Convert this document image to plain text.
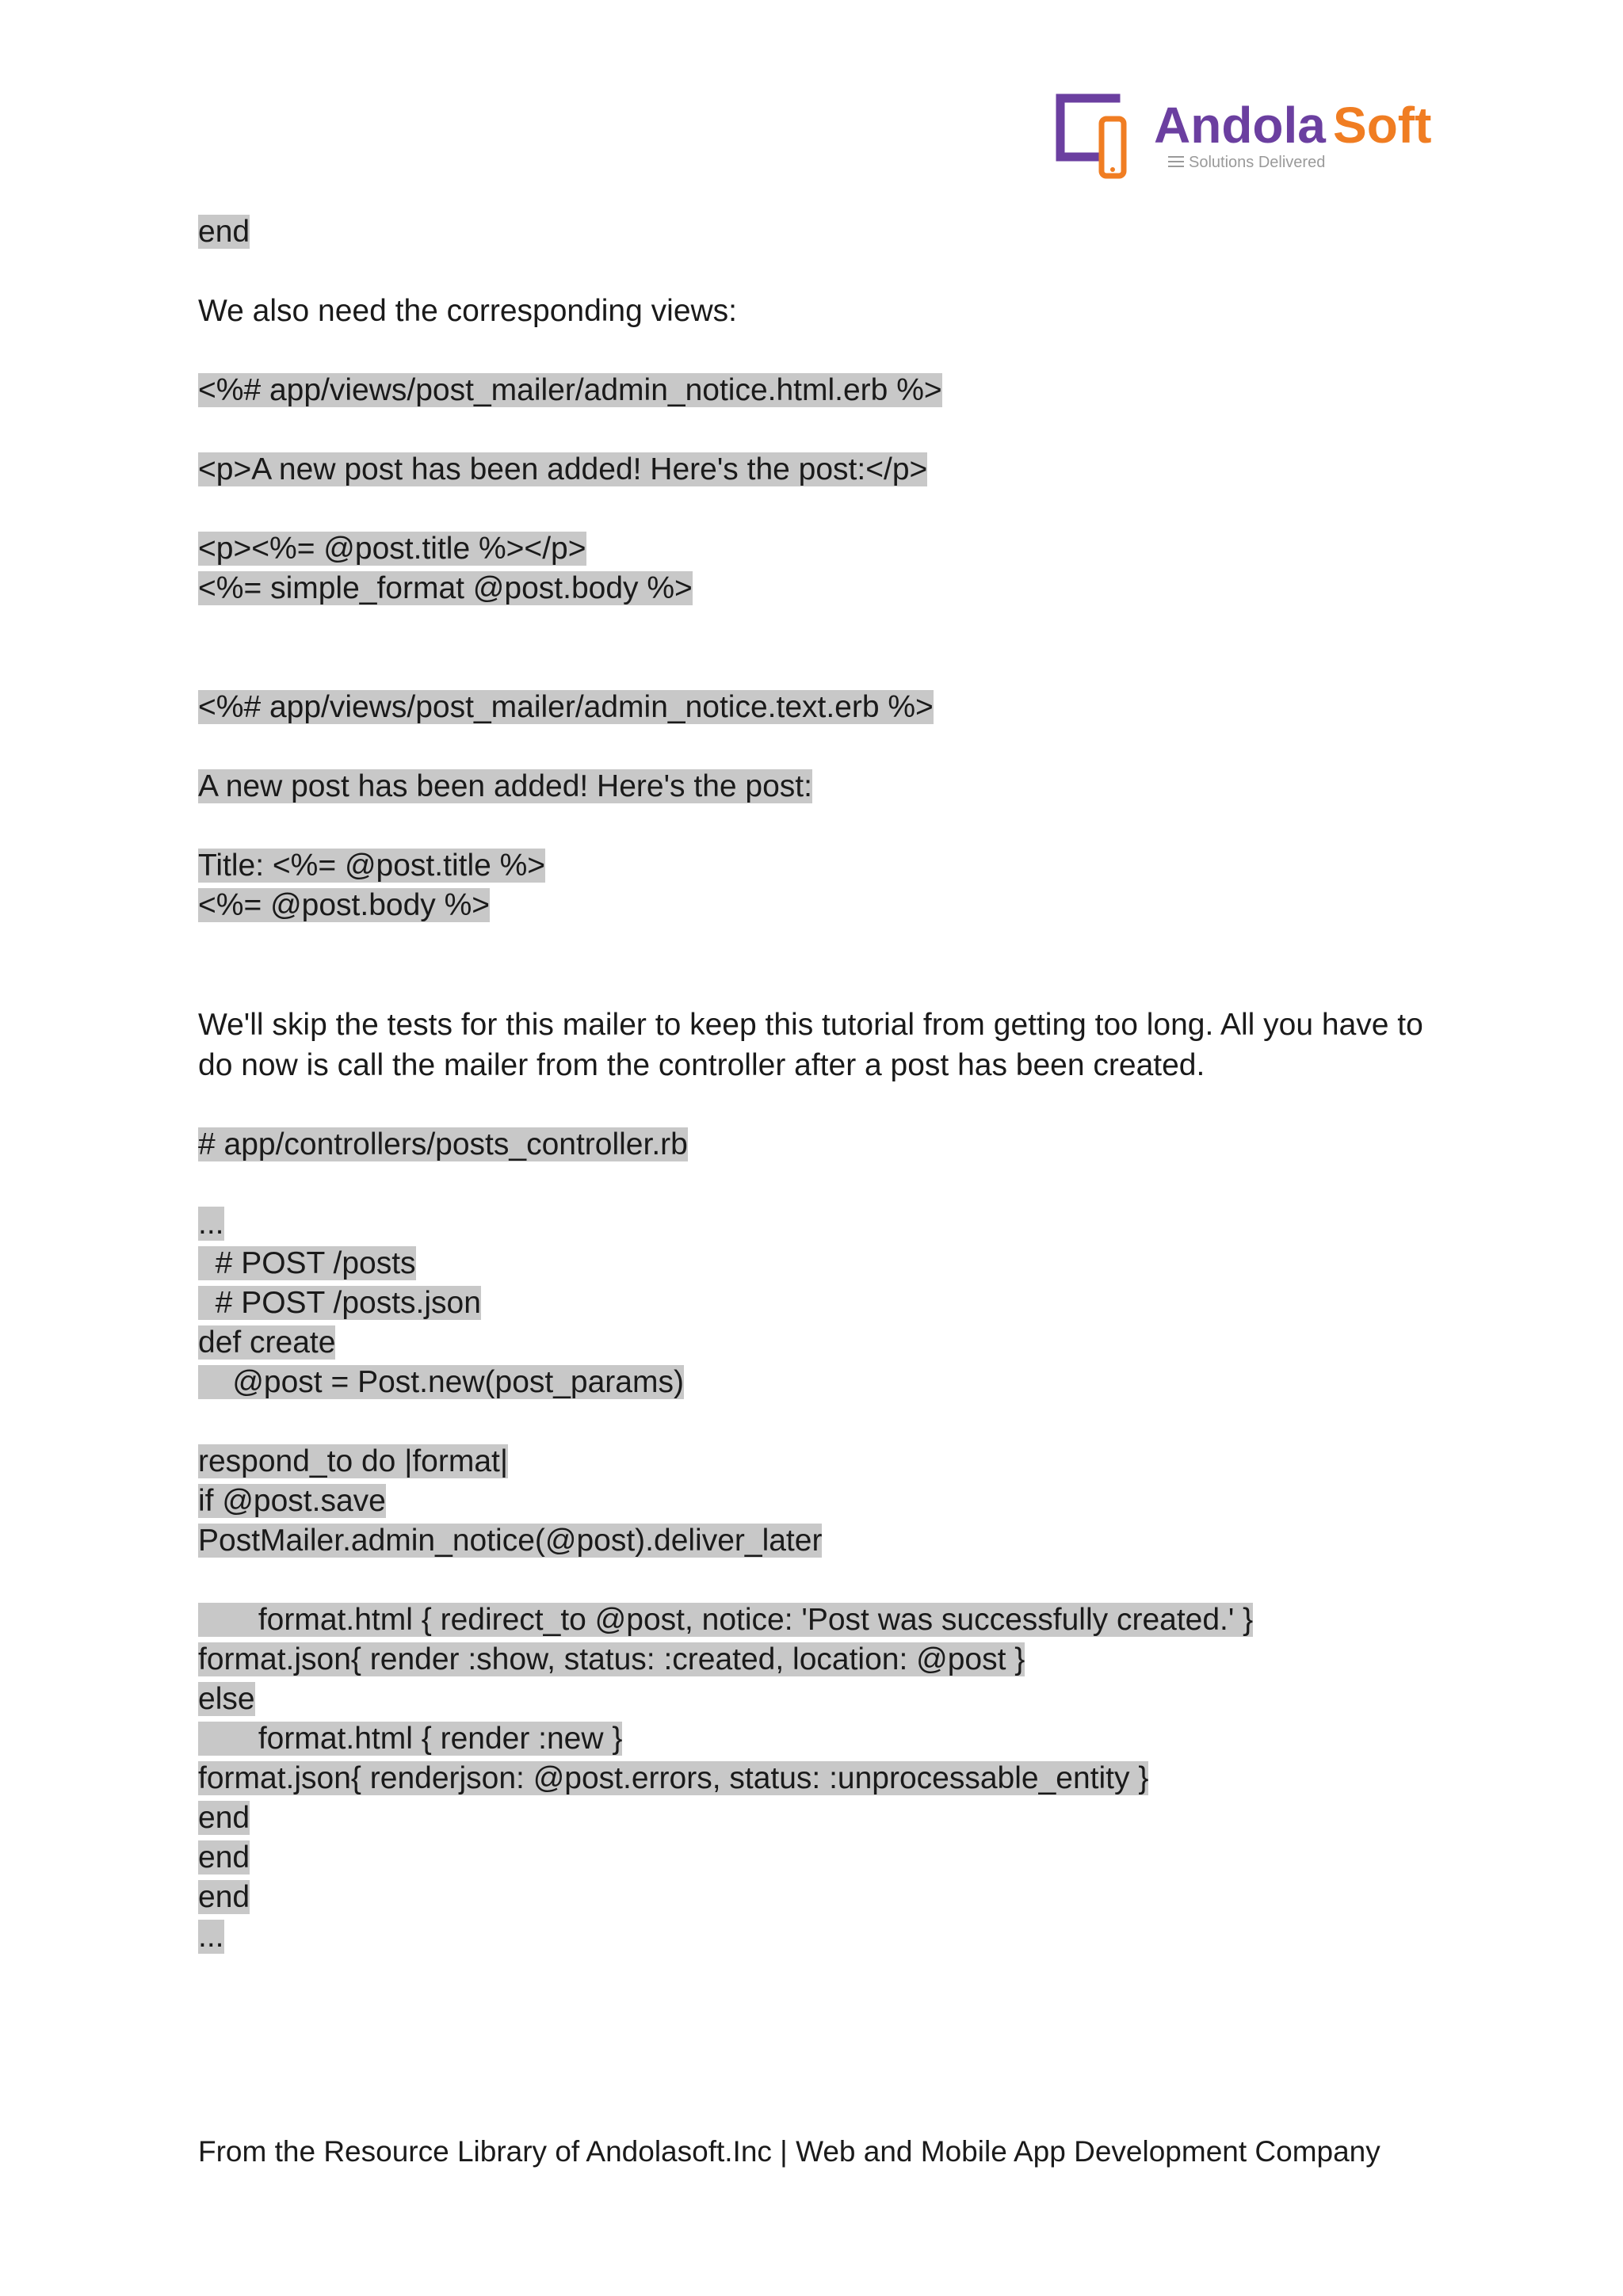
Andola Soft
Solutions Delivered
end
We also need the corresponding views:
<%# app/views/post_mailer/admin_notice.html.erb %>
<p>A new post has been added! Here's the post:</p>
<p><%= @post.title %></p>
<%= simple_format @post.body %>
<%# app/views/post_mailer/admin_notice.text.erb %>
A new post has been added! Here's the post:
Title: <%= @post.title %>
<%= @post.body %>
We'll skip the tests for this mailer to keep this tutorial from getting too long. All you have to do now is call the mailer from the controller after a post has been created.
# app/controllers/posts_controller.rb
...
# POST /posts
# POST /posts.json
def create
@post = Post.new(post_params)
respond_to do |format|
if @post.save
PostMailer.admin_notice(@post).deliver_later
format.html { redirect_to @post, notice: 'Post was successfully created.' }
format.json{ render :show, status: :created, location: @post }
else
format.html { render :new }
format.json{ renderjson: @post.errors, status: :unprocessable_entity }
end
end
end
...
From the Resource Library of Andolasoft.Inc | Web and Mobile App Development Company
